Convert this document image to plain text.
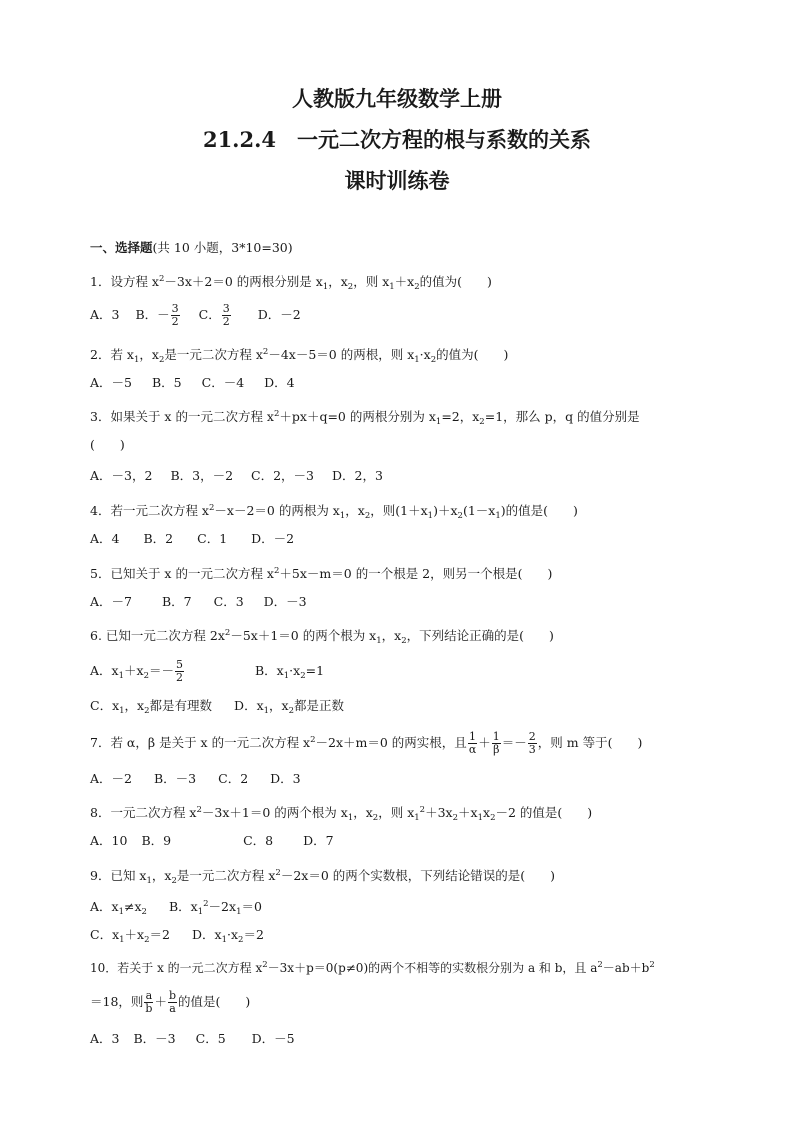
人教版九年级数学上册
21.2.4　一元二次方程的根与系数的关系
课时训练卷
一、选择题(共 10 小题，3*10=30)
1．设方程 $x^2-3x+2=0$ 的两根分别是 $x_1$，$x_2$，则 $x_1+x_2$的值为(　　)
A．3 B．－ $\frac{3}{2}$ C． $\frac{3}{2}$ D．－2
2．若 $x_1$，$x_2$是一元二次方程 $x^2-4x-5=0$ 的两根，则 $x_1\cdot x_2$的值为(　　)
A．－5 B．5 C．－4 D．4
3．如果关于 x 的一元二次方程 $x^2+px+q=0$ 的两根分别为 $x_1=2$，$x_2=1$，那么 p，q 的值分别是
(　　)
A．－3，2 B．3，－2 C．2，－3 D．2，3
4．若一元二次方程 $x^2-x-2=0$ 的两根为 $x_1$，$x_2$，则$(1+x_1)+x_2(1-x_1)$的值是(　　)
A．4 B．2 C．1 D．－2
5．已知关于 x 的一元二次方程 $x^2+5x-m=0$ 的一个根是 2，则另一个根是(　　)
A．－7 B．7 C．3 D．－3
6. 已知一元二次方程 $2x^2-5x+1=0$ 的两个根为 $x_1$，$x_2$，下列结论正确的是(　　)
A．$x_1+x_2=- \frac{5}{2}$	B．$x_1\cdot x_2=1$
C．$x_1$，$x_2$都是有理数 D．$x_1$，$x_2$都是正数
7．若 α，β 是关于 x 的一元二次方程 $x^2-2x+m=0$ 的两实根，且 $\frac{1}{\alpha} + \frac{1}{\beta} =- \frac{2}{3}$ ，则 m 等于(　　)
A．－2 B．－3 C．2 D．3
8．一元二次方程 $x^2-3x+1=0$ 的两个根为 $x_1$，$x_2$，则 $x_1^2+3x_2+x_1x_2-2$ 的值是(　　)
A．10 B．9	C．8 D．7
9．已知 $x_1$，$x_2$是一元二次方程 $x^2-2x=0$ 的两个实数根，下列结论错误的是(　　)
A．$x_1\ne x_2$ B．$x_1^2-2x_1=0$
C．$x_1+x_2=2$ D．$x_1\cdot x_2=2$
10．若关于 x 的一元二次方程 $x^2-3x+p=0(p\ne 0)$的两个不相等的实数根分别为 a 和 b，且 $a^2-ab+b^2$
＝18，则 $\frac{a}{b} + \frac{b}{a}$ 的值是(　　)
A．3 B．－3 C．5 D．－5
